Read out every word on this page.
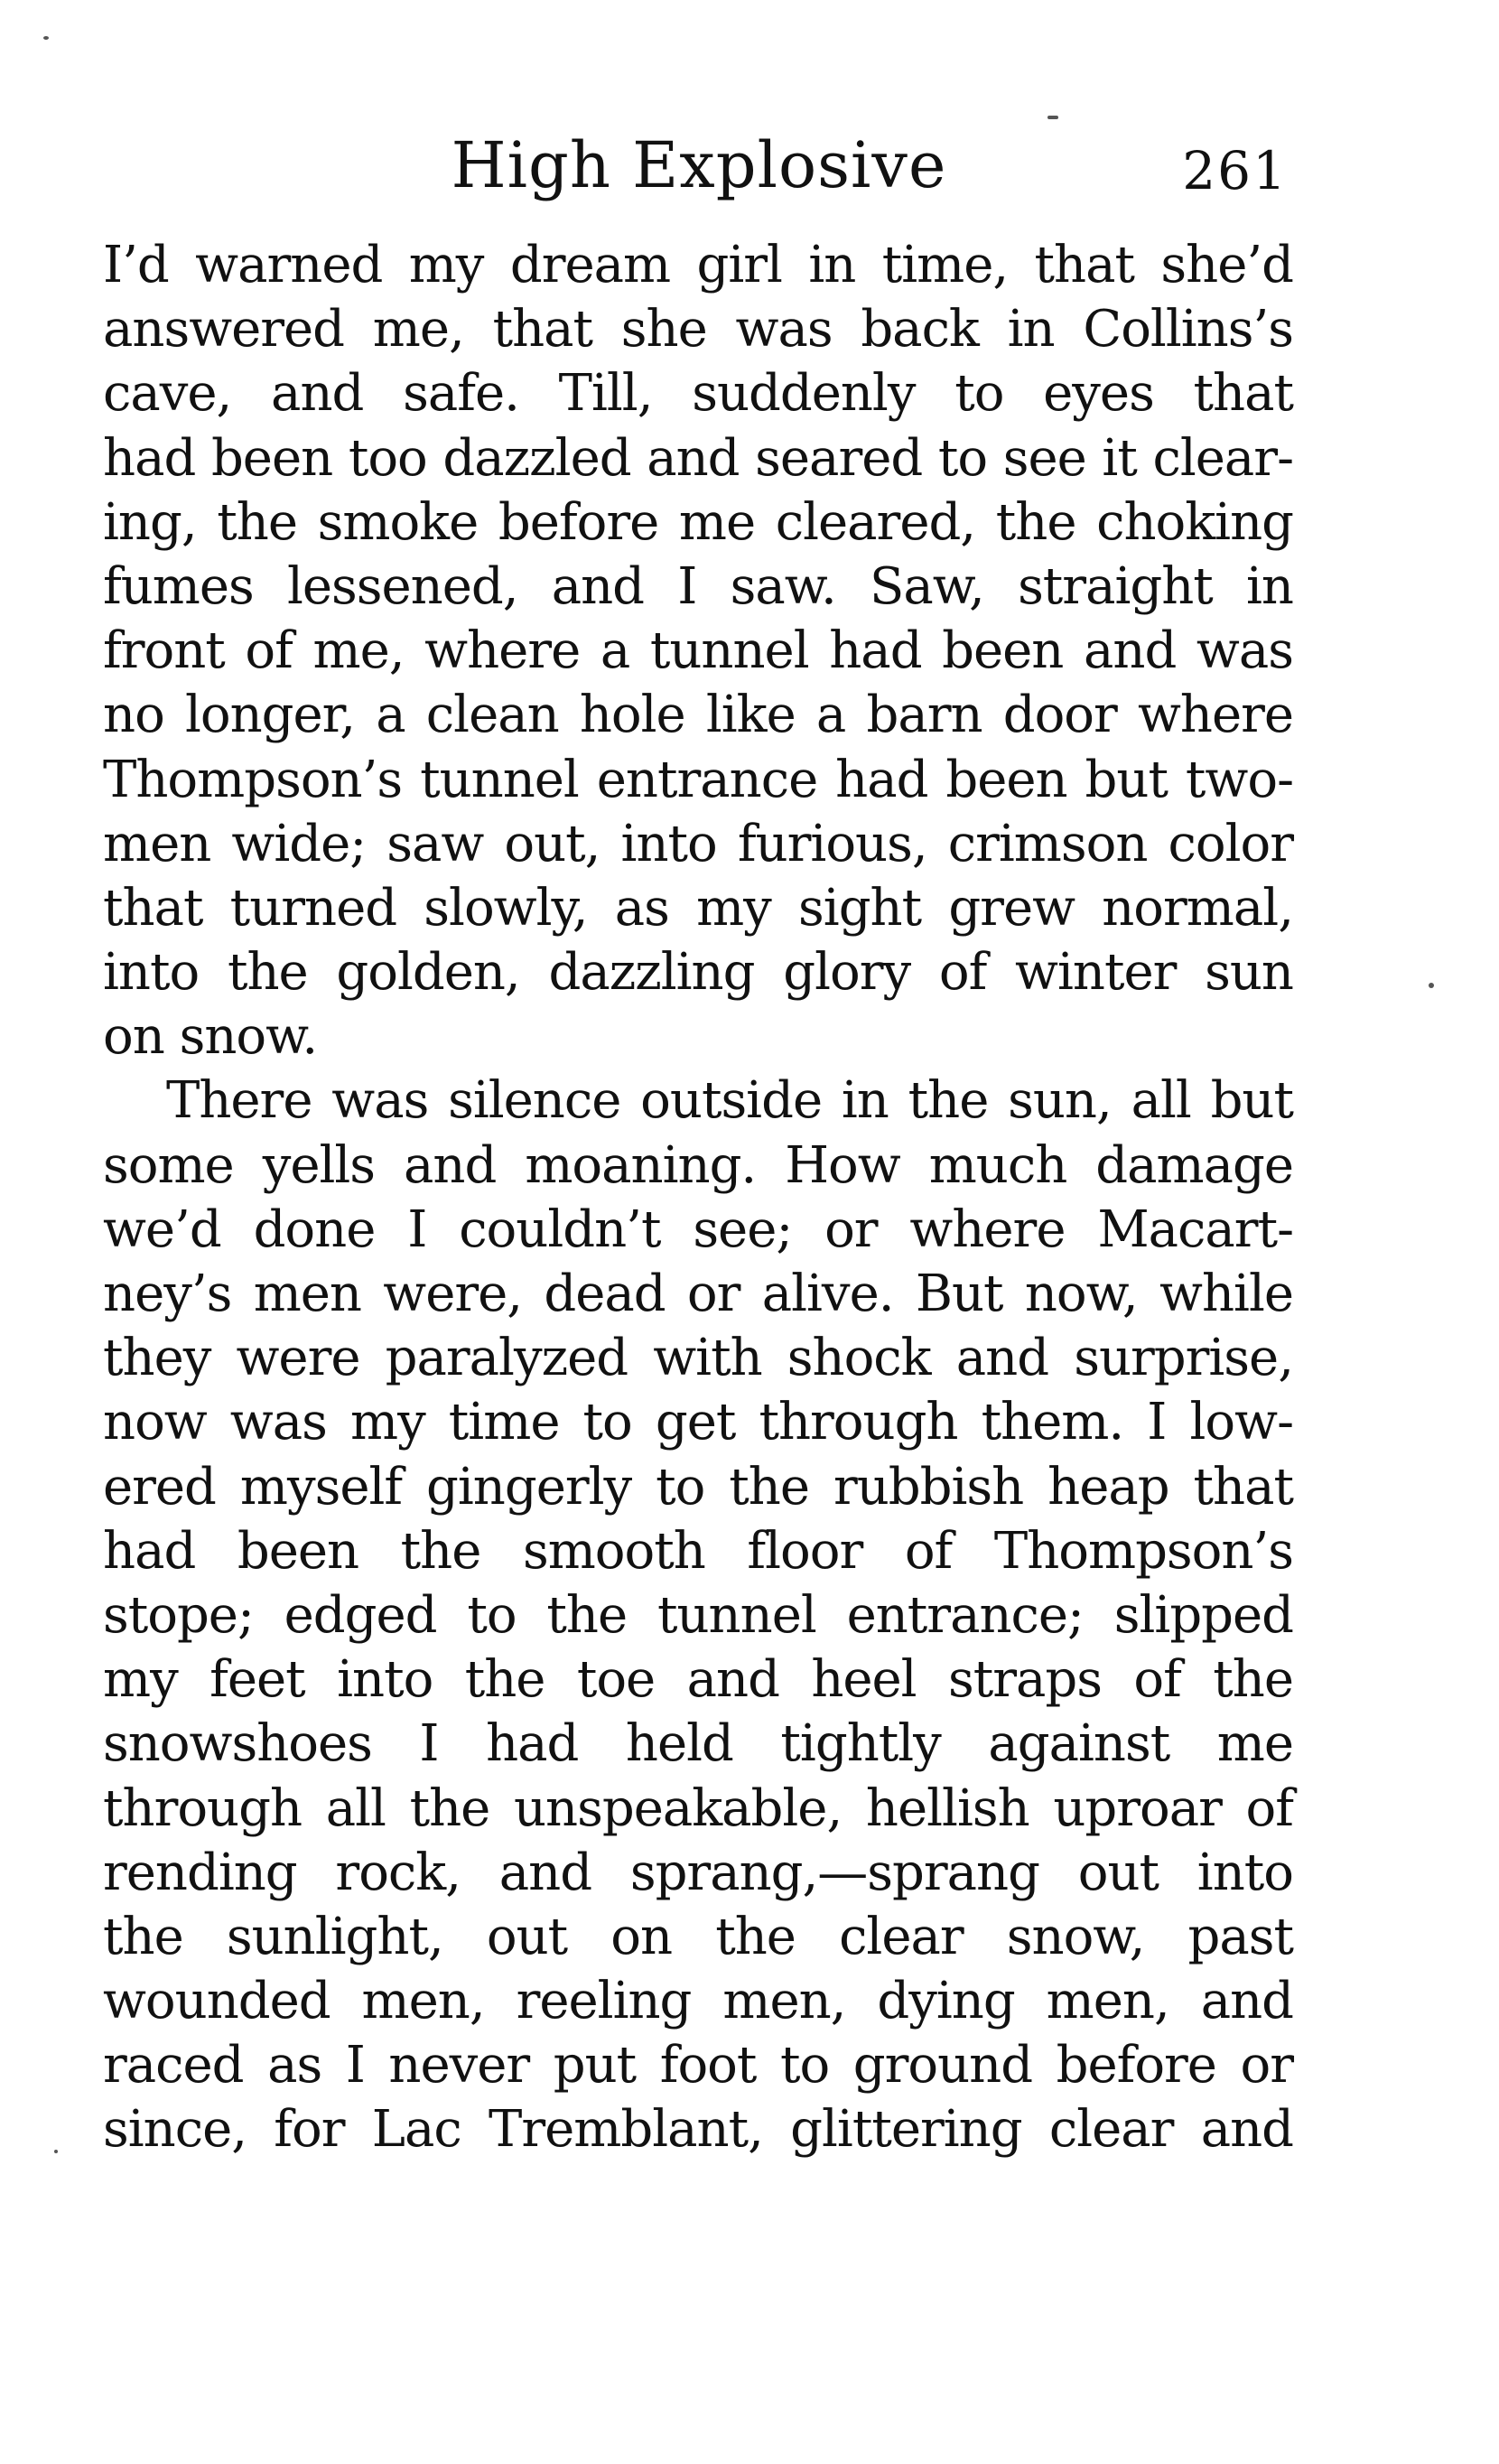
High Explosive	261
I’d warned my dream girl in time, that she’d
answered me, that she was back in Collins’s
cave, and safe. Till, suddenly to eyes that
had been too dazzled and seared to see it clear-
ing, the smoke before me cleared, the choking
fumes lessened, and I saw. Saw, straight in
front of me, where a tunnel had been and was
no longer, a clean hole like a barn door where
Thompson’s tunnel entrance had been but two-
men wide; saw out, into furious, crimson color
that turned slowly, as my sight grew normal,
into the golden, dazzling glory of winter sun
on snow.
There was silence outside in the sun, all but
some yells and moaning. How much damage
we’d done I couldn’t see; or where Macart-
ney’s men were, dead or alive. But now, while
they were paralyzed with shock and surprise,
now was my time to get through them. I low-
ered myself gingerly to the rubbish heap that
had been the smooth floor of Thompson’s
stope; edged to the tunnel entrance; slipped
my feet into the toe and heel straps of the
snowshoes I had held tightly against me
through all the unspeakable, hellish uproar of
rending rock, and sprang,—sprang out into
the sunlight, out on the clear snow, past
wounded men, reeling men, dying men, and
raced as I never put foot to ground before or
since, for Lac Tremblant, glittering clear and
